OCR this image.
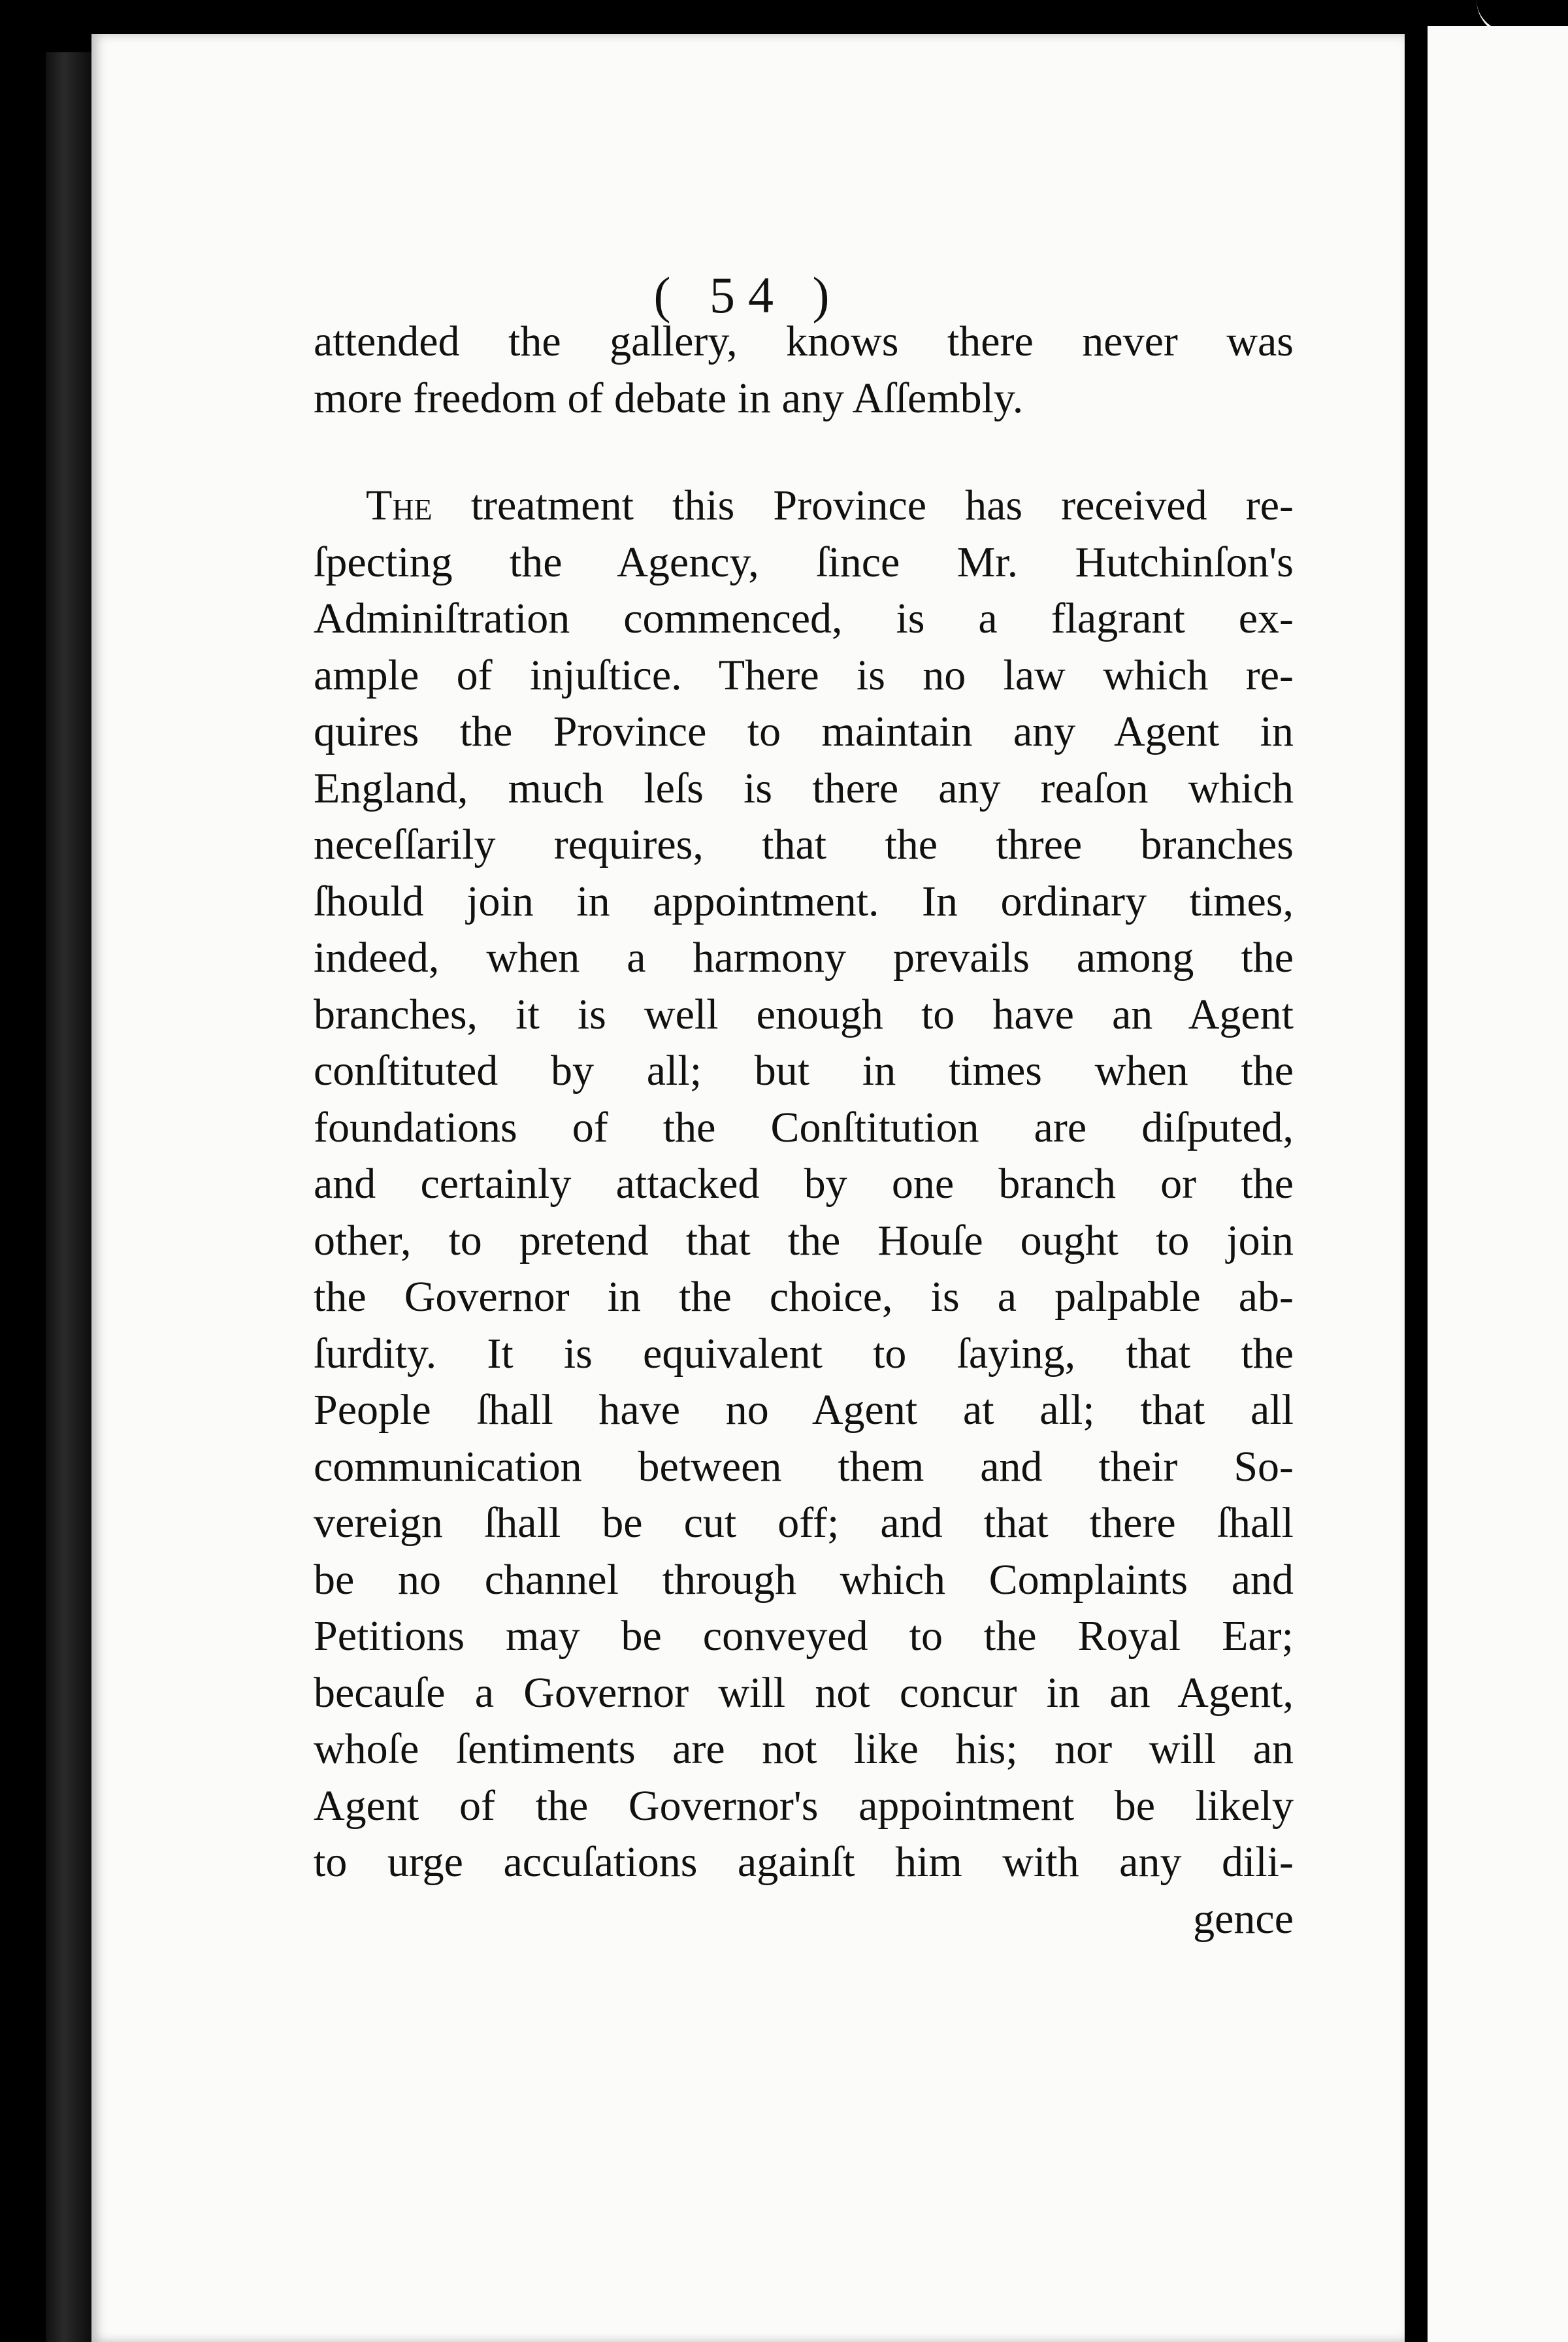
( 54 )
attended the gallery, knows there never was
more freedom of debate in any Aſſembly.
The treatment this Province has received re-
ſpecting the Agency, ſince Mr. Hutchinſon's
Adminiſtration commenced, is a flagrant ex-
ample of injuſtice. There is no law which re-
quires the Province to maintain any Agent in
England, much leſs is there any reaſon which
neceſſarily requires, that the three branches
ſhould join in appointment. In ordinary times,
indeed, when a harmony prevails among the
branches, it is well enough to have an Agent
conſtituted by all; but in times when the
foundations of the Conſtitution are diſputed,
and certainly attacked by one branch or the
other, to pretend that the Houſe ought to join
the Governor in the choice, is a palpable ab-
ſurdity. It is equivalent to ſaying, that the
People ſhall have no Agent at all; that all
communication between them and their So-
vereign ſhall be cut off; and that there ſhall
be no channel through which Complaints and
Petitions may be conveyed to the Royal Ear;
becauſe a Governor will not concur in an Agent,
whoſe ſentiments are not like his; nor will an
Agent of the Governor's appointment be likely
to urge accuſations againſt him with any dili-
gence
